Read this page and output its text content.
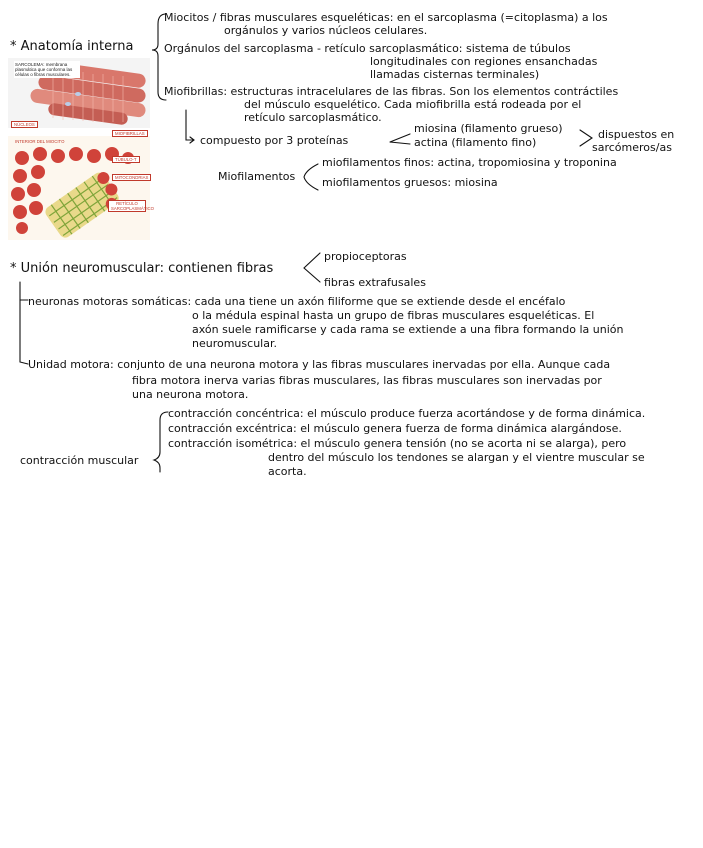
* Anatomía interna
Miocitos / fibras musculares esqueléticas: en el sarcoplasma (=citoplasma) a los
orgánulos y varios núcleos celulares.
Orgánulos del sarcoplasma - retículo sarcoplasmático: sistema de túbulos
longitudinales con regiones ensanchadas
llamadas cisternas terminales)
Miofibrillas: estructuras intracelulares de las fibras. Son los elementos contráctiles
del músculo esquelético. Cada miofibrilla está rodeada por el
retículo sarcoplasmático.
compuesto por 3 proteínas
miosina (filamento grueso)
actina (filamento fino)
dispuestos en
sarcómeros/as
Miofilamentos
miofilamentos finos: actina, tropomiosina y troponina
miofilamentos gruesos: miosina
SARCOLEMA: membrana plasmática que conforma las células o fibras musculares.
NÚCLEOS
MIOFIBRILLAS
INTERIOR DEL MIOCITO
TÚBULO-T
MITOCONDRIAS
RETÍCULO SARCOPLASMÁTICO
* Unión neuromuscular: contienen fibras
propioceptoras
fibras extrafusales
neuronas motoras somáticas: cada una tiene un axón filiforme que se extiende desde el encéfalo
o la médula espinal hasta un grupo de fibras musculares esqueléticas. El
axón suele ramificarse y cada rama se extiende a una fibra formando la unión
neuromuscular.
Unidad motora: conjunto de una neurona motora y las fibras musculares inervadas por ella. Aunque cada
fibra motora inerva varias fibras musculares, las fibras musculares son inervadas por
una neurona motora.
contracción muscular
contracción concéntrica: el músculo produce fuerza acortándose y de forma dinámica.
contracción excéntrica: el músculo genera fuerza de forma dinámica alargándose.
contracción isométrica: el músculo genera tensión (no se acorta ni se alarga), pero
dentro del músculo los tendones se alargan y el vientre muscular se
acorta.
